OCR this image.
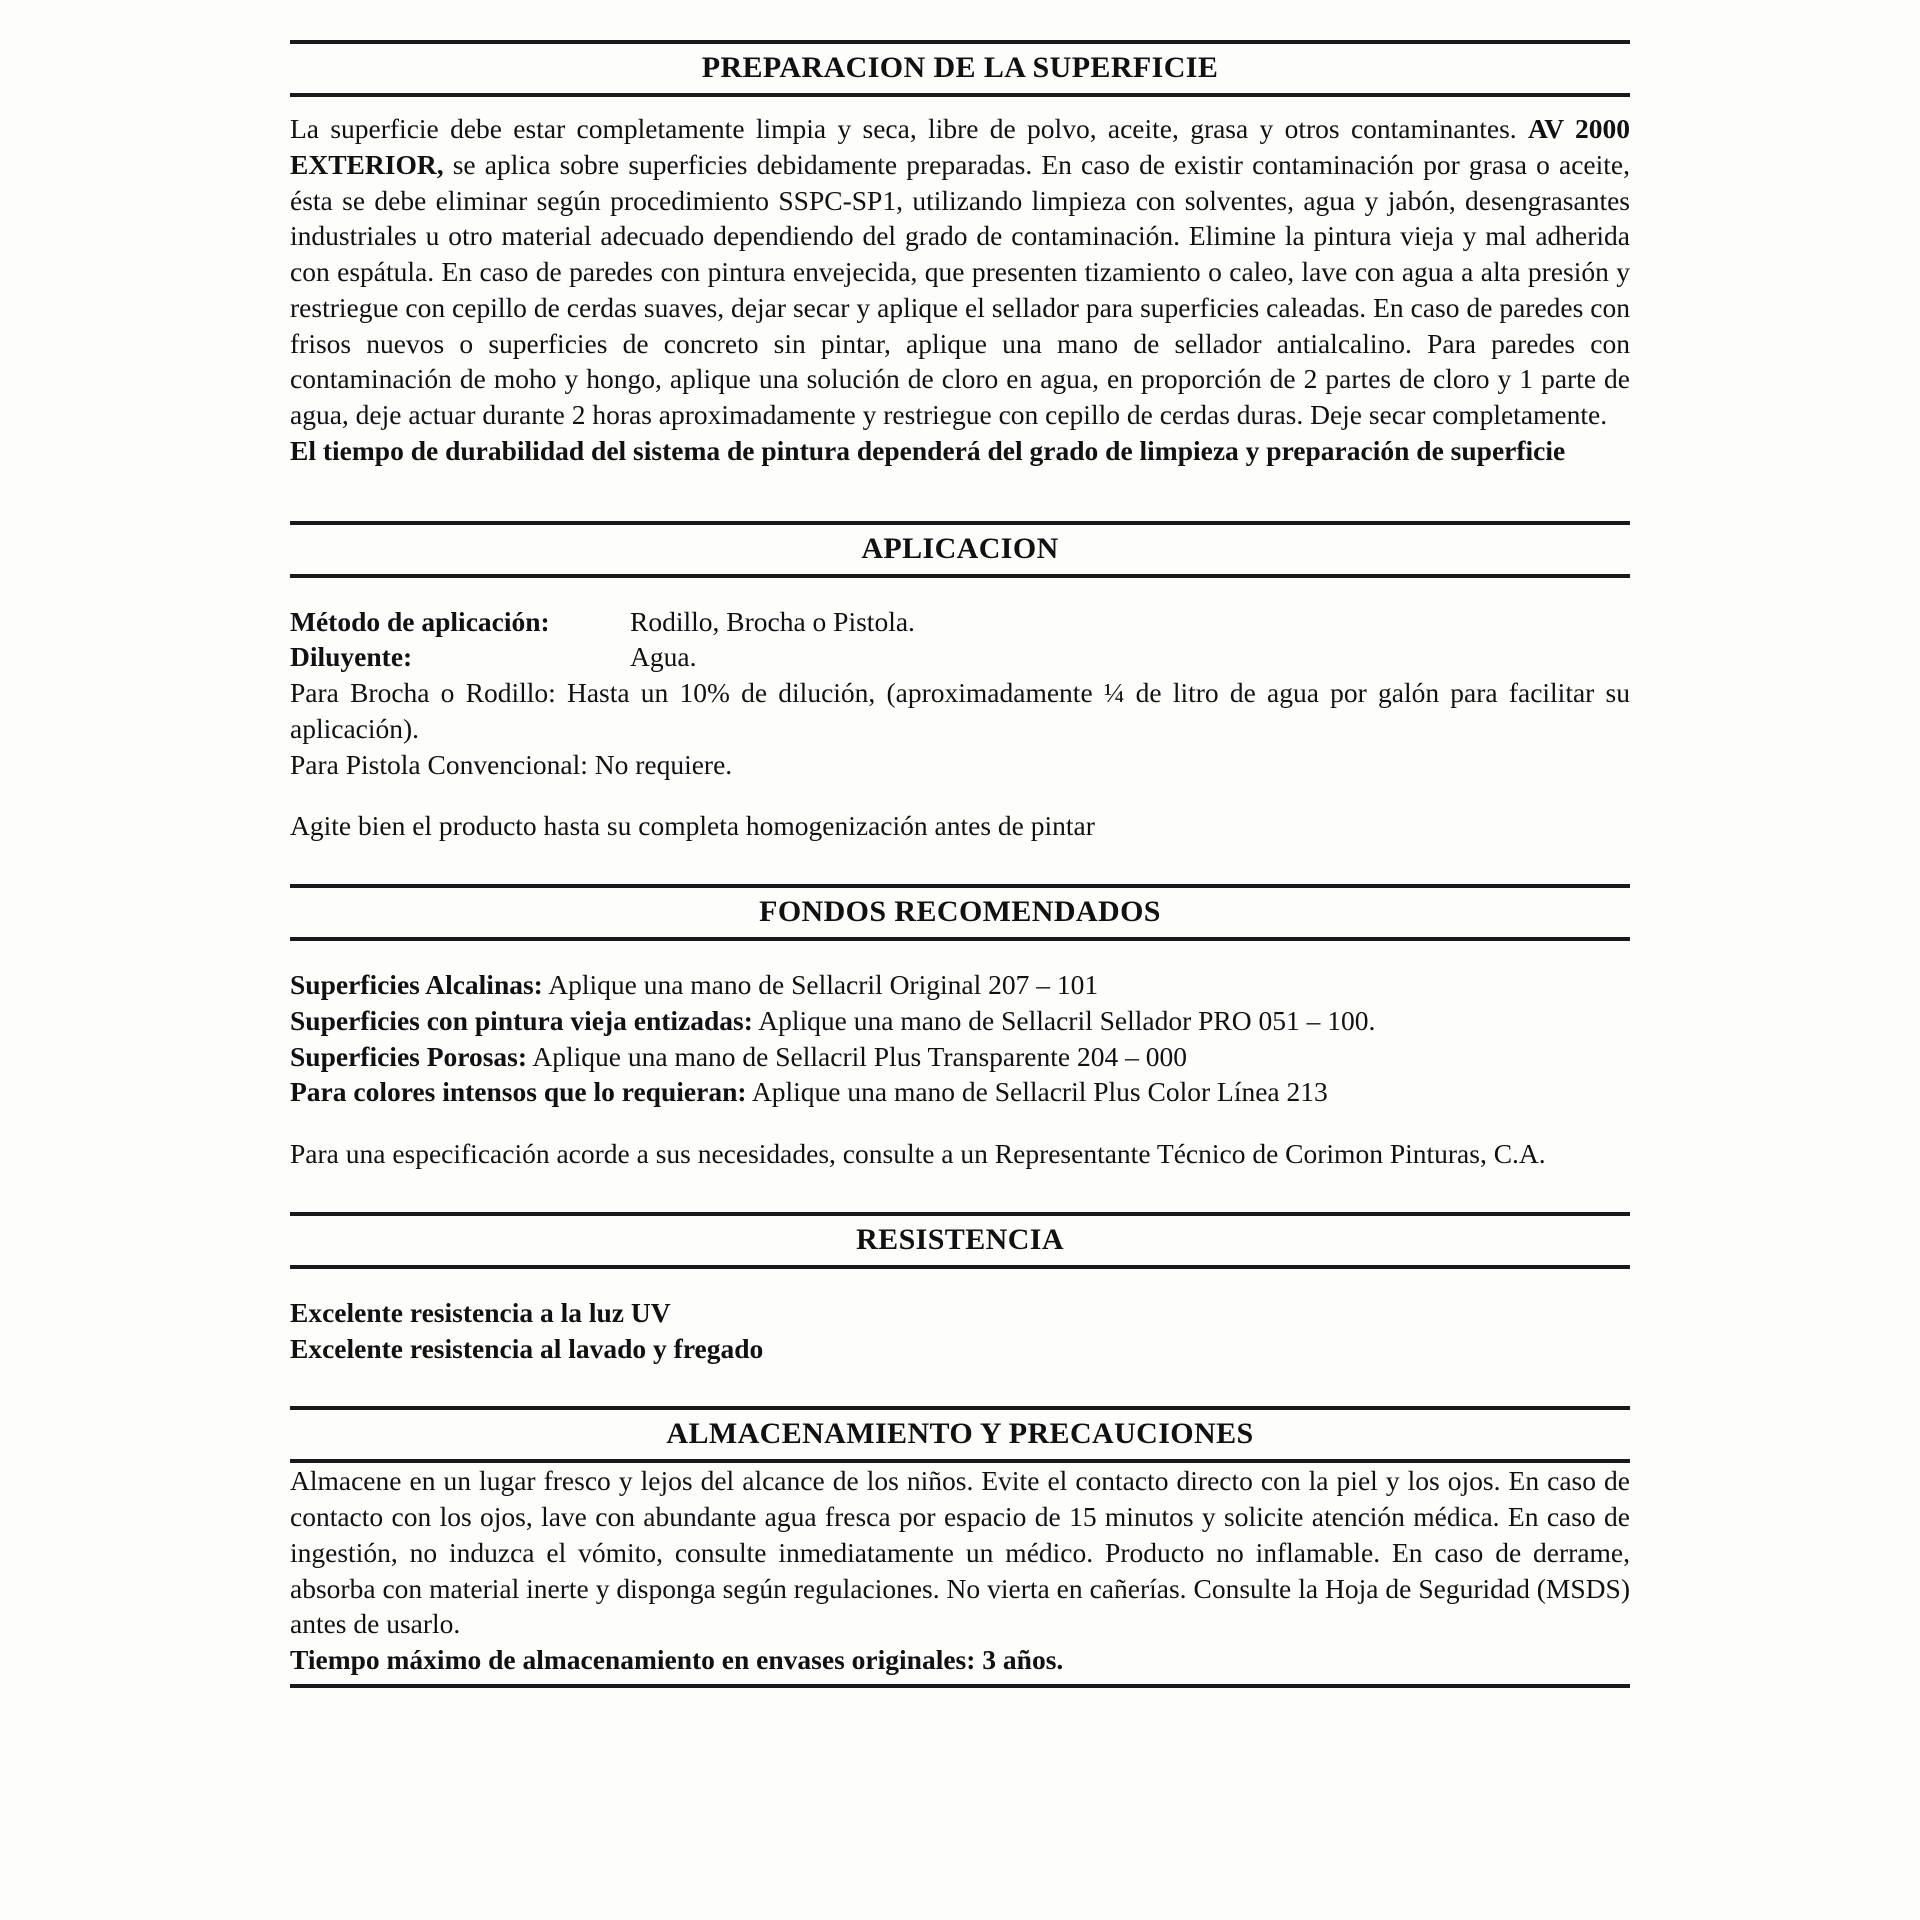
PREPARACION DE LA SUPERFICIE

La superficie debe estar completamente limpia y seca, libre de polvo, aceite, grasa y otros contaminantes. AV 2000 EXTERIOR, se aplica sobre superficies debidamente preparadas. En caso de existir contaminación por grasa o aceite, ésta se debe eliminar según procedimiento SSPC-SP1, utilizando limpieza con solventes, agua y jabón, desengrasantes industriales u otro material adecuado dependiendo del grado de contaminación. Elimine la pintura vieja y mal adherida con espátula. En caso de paredes con pintura envejecida, que presenten tizamiento o caleo, lave con agua a alta presión y restriegue con cepillo de cerdas suaves, dejar secar y aplique el sellador para superficies caleadas. En caso de paredes con frisos nuevos o superficies de concreto sin pintar, aplique una mano de sellador antialcalino. Para paredes con contaminación de moho y hongo, aplique una solución de cloro en agua, en proporción de 2 partes de cloro y 1 parte de agua, deje actuar durante 2 horas aproximadamente y restriegue con cepillo de cerdas duras. Deje secar completamente.

El tiempo de durabilidad del sistema de pintura dependerá del grado de limpieza y preparación de superficie

APLICACION
Método de aplicación:	Rodillo, Brocha o Pistola.
Diluyente:	Agua.

Para Brocha o Rodillo: Hasta un 10% de dilución, (aproximadamente ¼ de litro de agua por galón para facilitar su aplicación).

Para Pistola Convencional: No requiere.

Agite bien el producto hasta su completa homogenización antes de pintar

FONDOS RECOMENDADOS

Superficies Alcalinas: Aplique una mano de Sellacril Original 207 – 101

Superficies con pintura vieja entizadas: Aplique una mano de Sellacril Sellador PRO 051 – 100.

Superficies Porosas: Aplique una mano de Sellacril Plus Transparente 204 – 000

Para colores intensos que lo requieran: Aplique una mano de Sellacril Plus Color Línea 213

Para una especificación acorde a sus necesidades, consulte a un Representante Técnico de Corimon Pinturas, C.A.

RESISTENCIA

Excelente resistencia a la luz UV

Excelente resistencia al lavado y fregado

ALMACENAMIENTO Y PRECAUCIONES

Almacene en un lugar fresco y lejos del alcance de los niños. Evite el contacto directo con la piel y los ojos. En caso de contacto con los ojos, lave con abundante agua fresca por espacio de 15 minutos y solicite atención médica. En caso de ingestión, no induzca el vómito, consulte inmediatamente un médico. Producto no inflamable. En caso de derrame, absorba con material inerte y disponga según regulaciones. No vierta en cañerías. Consulte la Hoja de Seguridad (MSDS) antes de usarlo.

Tiempo máximo de almacenamiento en envases originales: 3 años.
